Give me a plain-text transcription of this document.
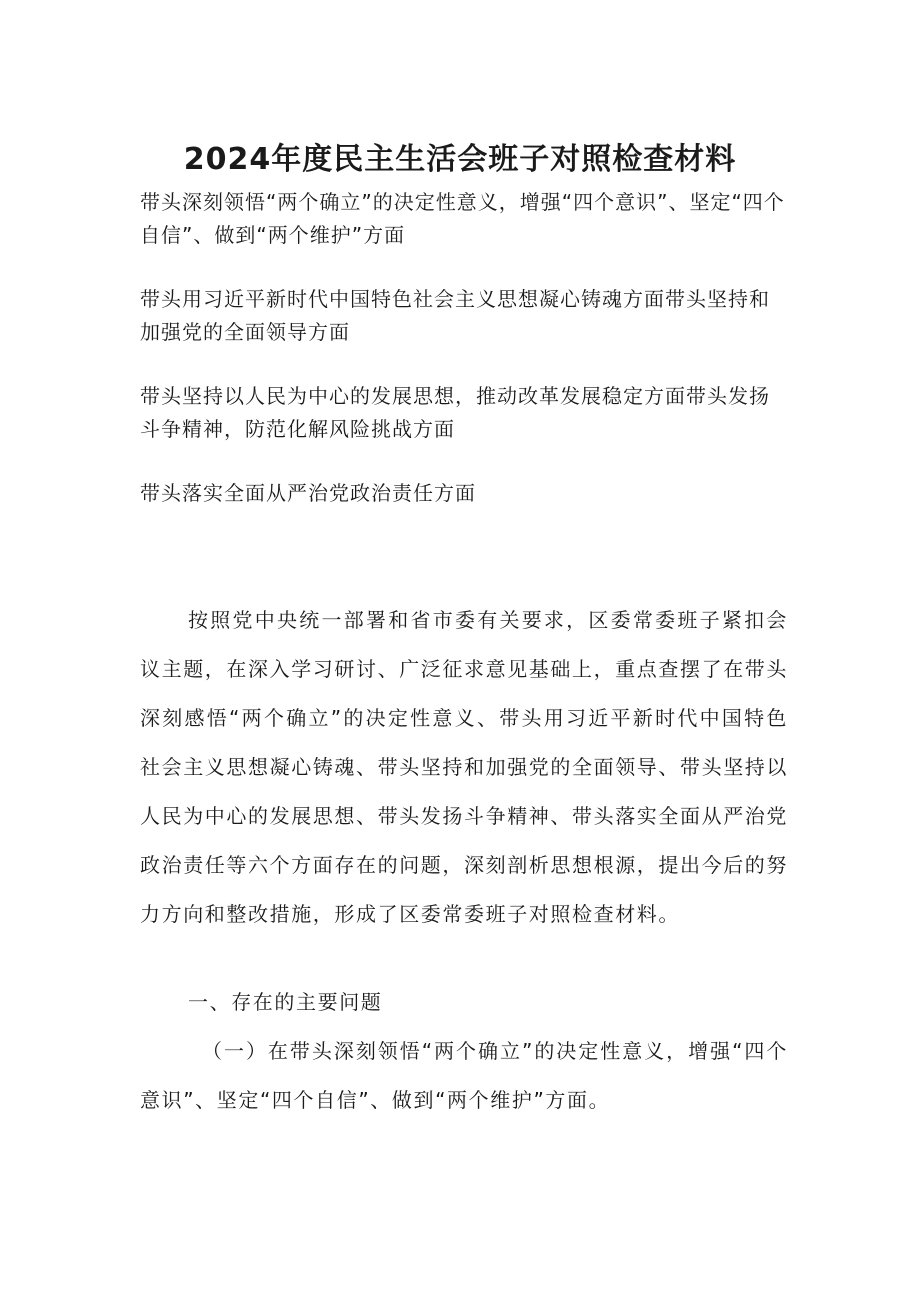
2024年度民主生活会班子对照检查材料

带头深刻领悟“两个确立”的决定性意义，增强“四个意识”、坚定“四个自信”、做到“两个维护”方面

带头用习近平新时代中国特色社会主义思想凝心铸魂方面带头坚持和加强党的全面领导方面

带头坚持以人民为中心的发展思想，推动改革发展稳定方面带头发扬斗争精神，防范化解风险挑战方面

带头落实全面从严治党政治责任方面

按照党中央统一部署和省市委有关要求，区委常委班子紧扣会议主题，在深入学习研讨、广泛征求意见基础上，重点查摆了在带头深刻感悟“两个确立”的决定性意义、带头用习近平新时代中国特色社会主义思想凝心铸魂、带头坚持和加强党的全面领导、带头坚持以人民为中心的发展思想、带头发扬斗争精神、带头落实全面从严治党政治责任等六个方面存在的问题，深刻剖析思想根源，提出今后的努力方向和整改措施，形成了区委常委班子对照检查材料。

一、存在的主要问题

（一）在带头深刻领悟“两个确立”的决定性意义，增强“四个意识”、坚定“四个自信”、做到“两个维护”方面。
